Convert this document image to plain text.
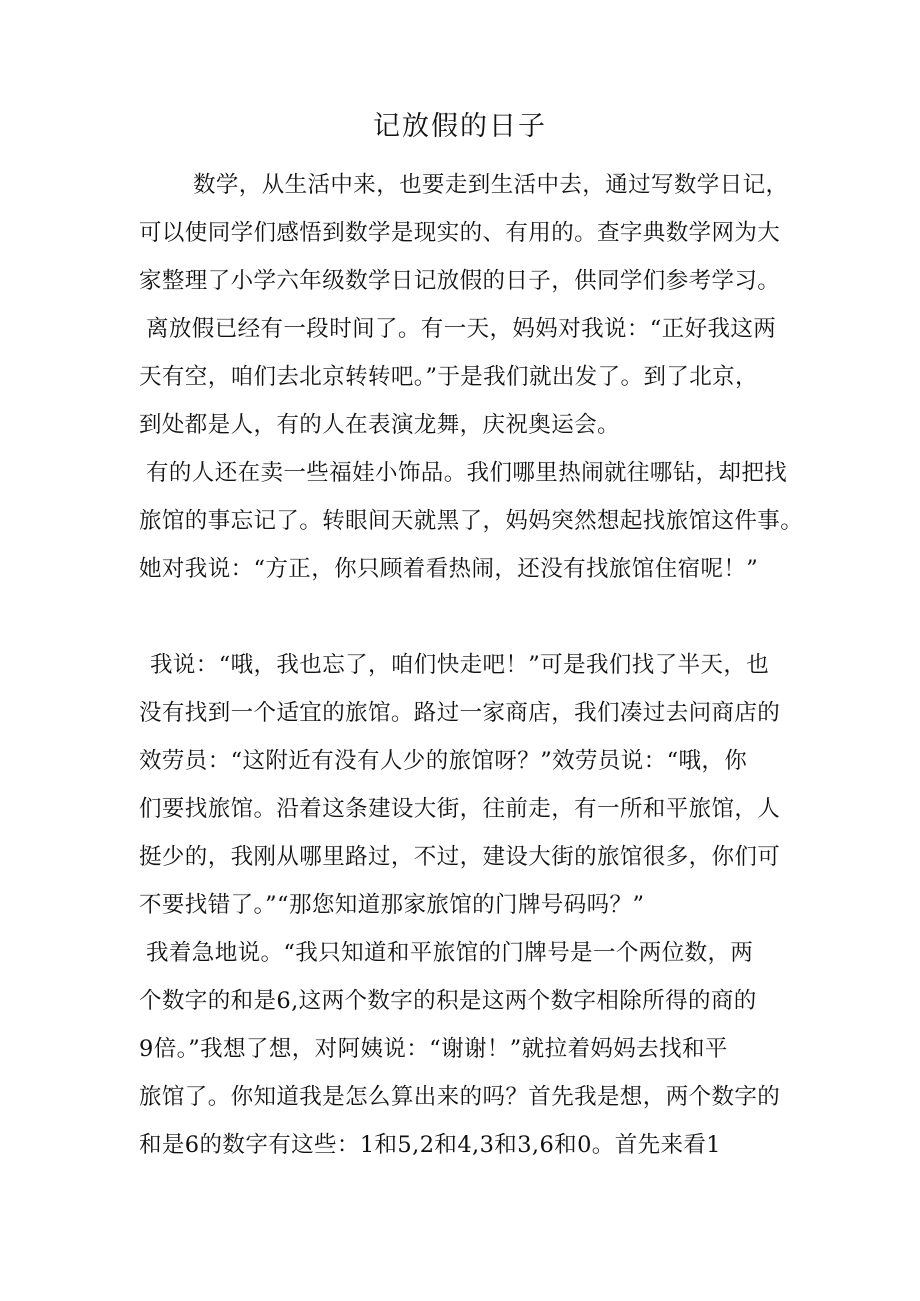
记放假的日子
数学，从生活中来，也要走到生活中去，通过写数学日记，
可以使同学们感悟到数学是现实的、有用的。查字典数学网为大
家整理了小学六年级数学日记放假的日子，供同学们参考学习。
离放假已经有一段时间了。有一天，妈妈对我说：“正好我这两
天有空，咱们去北京转转吧。”于是我们就出发了。到了北京，
到处都是人，有的人在表演龙舞，庆祝奥运会。
有的人还在卖一些福娃小饰品。我们哪里热闹就往哪钻，却把找
旅馆的事忘记了。转眼间天就黑了，妈妈突然想起找旅馆这件事。
她对我说：“方正，你只顾着看热闹，还没有找旅馆住宿呢！”
我说：“哦，我也忘了，咱们快走吧！”可是我们找了半天，也
没有找到一个适宜的旅馆。路过一家商店，我们凑过去问商店的
效劳员：“这附近有没有人少的旅馆呀？”效劳员说：“哦，你
们要找旅馆。沿着这条建设大街，往前走，有一所和平旅馆，人
挺少的，我刚从哪里路过，不过，建设大街的旅馆很多，你们可
不要找错了。”“那您知道那家旅馆的门牌号码吗？”
我着急地说。“我只知道和平旅馆的门牌号是一个两位数，两
个数字的和是6,这两个数字的积是这两个数字相除所得的商的
9倍。”我想了想，对阿姨说：“谢谢！”就拉着妈妈去找和平
旅馆了。你知道我是怎么算出来的吗？首先我是想，两个数字的
和是6的数字有这些：1和5,2和4,3和3,6和0。首先来看1
